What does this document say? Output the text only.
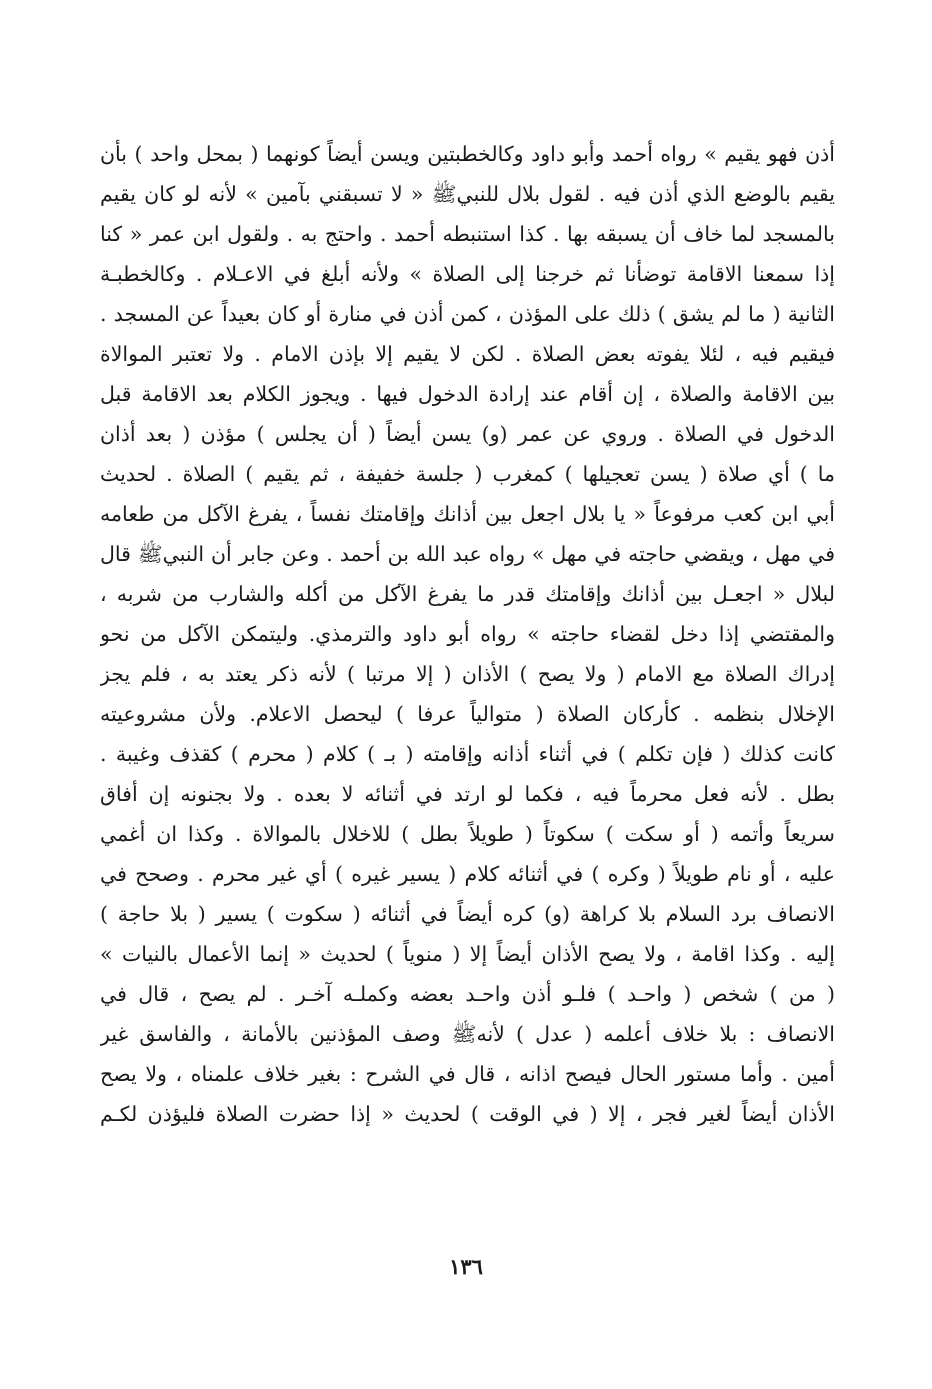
أذن فهو يقيم » رواه أحمد وأبو داود وكالخطبتين ويسن أيضاً كونهما ( بمحل واحد ) بأن
يقيم بالوضع الذي أذن فيه . لقول بلال للنبيﷺ « لا تسبقني بآمين » لأنه لو كان يقيم
بالمسجد لما خاف أن يسبقه بها . كذا استنبطه أحمد . واحتج به . ولقول ابن عمر « كنا
إذا سمعنا الاقامة توضأنا ثم خرجنا إلى الصلاة » ولأنه أبلغ في الاعـلام . وكالخطبـة
الثانية ( ما لم يشق ) ذلك على المؤذن ، كمن أذن في منارة أو كان بعيداً عن المسجد .
فيقيم فيه ، لئلا يفوته بعض الصلاة . لكن لا يقيم إلا بإذن الامام . ولا تعتبر الموالاة
بين الاقامة والصلاة ، إن أقام عند إرادة الدخول فيها . ويجوز الكلام بعد الاقامة قبل
الدخول في الصلاة . وروي عن عمر (و) يسن أيضاً ( أن يجلس ) مؤذن ( بعد أذان
ما ) أي صلاة ( يسن تعجيلها ) كمغرب ( جلسة خفيفة ، ثم يقيم ) الصلاة . لحديث
أبي ابن كعب مرفوعاً « يا بلال اجعل بين أذانك وإقامتك نفساً ، يفرغ الآكل من طعامه
في مهل ، ويقضي حاجته في مهل » رواه عبد الله بن أحمد . وعن جابر أن النبيﷺ قال
لبلال « اجعـل بين أذانك وإقامتك قدر ما يفرغ الآكل من أكله والشارب من شربه ،
والمقتضي إذا دخل لقضاء حاجته » رواه أبو داود والترمذي. وليتمكن الآكل من نحو
إدراك الصلاة مع الامام ( ولا يصح ) الأذان ( إلا مرتبا ) لأنه ذكر يعتد به ، فلم يجز
الإخلال بنظمه . كأركان الصلاة ( متوالياً عرفا ) ليحصل الاعلام. ولأن مشروعيته
كانت كذلك ( فإن تكلم ) في أثناء أذانه وإقامته ( بـ ) كلام ( محرم ) كقذف وغيبة .
بطل . لأنه فعل محرماً فيه ، فكما لو ارتد في أثنائه لا بعده . ولا بجنونه إن أفاق
سريعاً وأتمه ( أو سكت ) سكوتاً ( طويلاً بطل ) للاخلال بالموالاة . وكذا ان أغمي
عليه ، أو نام طويلاً ( وكره ) في أثنائه كلام ( يسير غيره ) أي غير محرم . وصحح في
الانصاف برد السلام بلا كراهة (و) كره أيضاً في أثنائه ( سكوت ) يسير ( بلا حاجة )
إليه . وكذا اقامة ، ولا يصح الأذان أيضاً إلا ( منوياً ) لحديث « إنما الأعمال بالنيات »
( من ) شخص ( واحـد ) فلـو أذن واحـد بعضه وكملـه آخـر . لم يصح ، قال في
الانصاف : بلا خلاف أعلمه ( عدل ) لأنهﷺ وصف المؤذنين بالأمانة ، والفاسق غير
أمين . وأما مستور الحال فيصح اذانه ، قال في الشرح : بغير خلاف علمناه ، ولا يصح
الأذان أيضاً لغير فجر ، إلا ( في الوقت ) لحديث « إذا حضرت الصلاة فليؤذن لكـم
١٣٦
